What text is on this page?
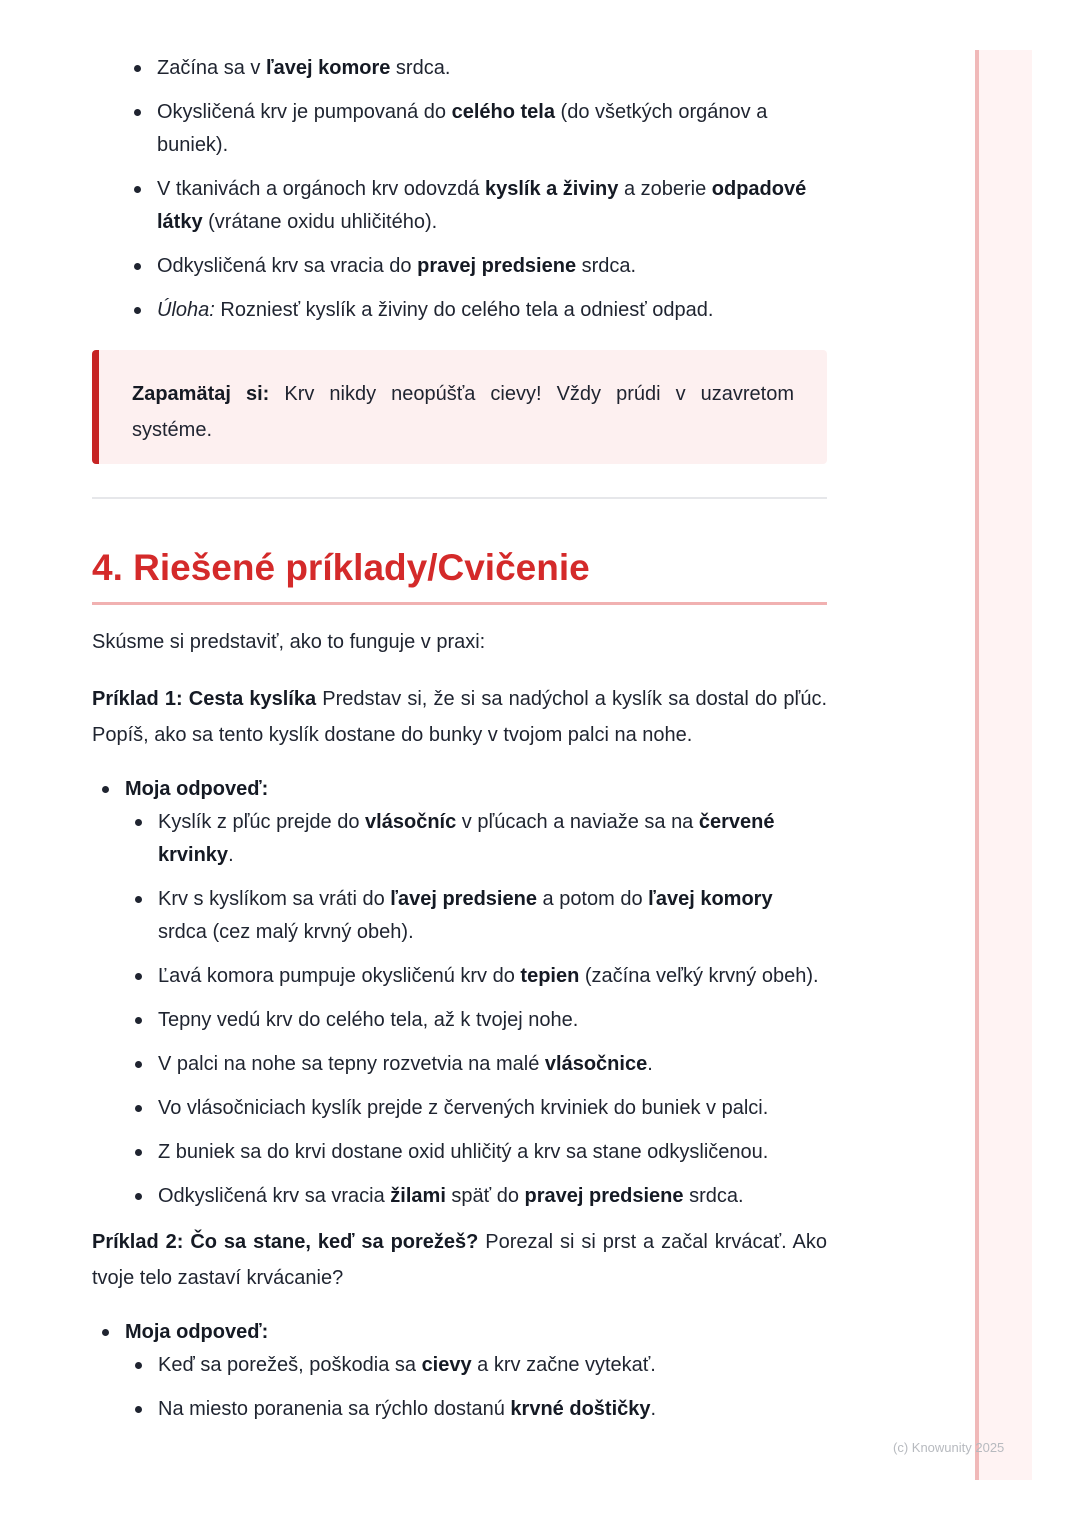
Začína sa v ľavej komore srdca.
Okysličená krv je pumpovaná do celého tela (do všetkých orgánov a buniek).
V tkanivách a orgánoch krv odovzdá kyslík a živiny a zoberie odpadové látky (vrátane oxidu uhličitého).
Odkysličená krv sa vracia do pravej predsiene srdca.
Úloha: Rozniesť kyslík a živiny do celého tela a odniesť odpad.
Zapamätaj si: Krv nikdy neopúšťa cievy! Vždy prúdi v uzavretom systéme.
4. Riešené príklady/Cvičenie

Skúsme si predstaviť, ako to funguje v praxi:

Príklad 1: Cesta kyslíka Predstav si, že si sa nadýchol a kyslík sa dostal do pľúc. Popíš, ako sa tento kyslík dostane do bunky v tvojom palci na nohe.

Moja odpoveď:
Kyslík z pľúc prejde do vlásočníc v pľúcach a naviaže sa na červené krvinky.
Krv s kyslíkom sa vráti do ľavej predsiene a potom do ľavej komory srdca (cez malý krvný obeh).
Ľavá komora pumpuje okysličenú krv do tepien (začína veľký krvný obeh).
Tepny vedú krv do celého tela, až k tvojej nohe.
V palci na nohe sa tepny rozvetvia na malé vlásočnice.
Vo vlásočniciach kyslík prejde z červených krviniek do buniek v palci.
Z buniek sa do krvi dostane oxid uhličitý a krv sa stane odkysličenou.
Odkysličená krv sa vracia žilami späť do pravej predsiene srdca.

Príklad 2: Čo sa stane, keď sa porežeš? Porezal si si prst a začal krvácať. Ako tvoje telo zastaví krvácanie?

Moja odpoveď:
Keď sa porežeš, poškodia sa cievy a krv začne vytekať.
Na miesto poranenia sa rýchlo dostanú krvné doštičky.
(c) Knowunity 2025
